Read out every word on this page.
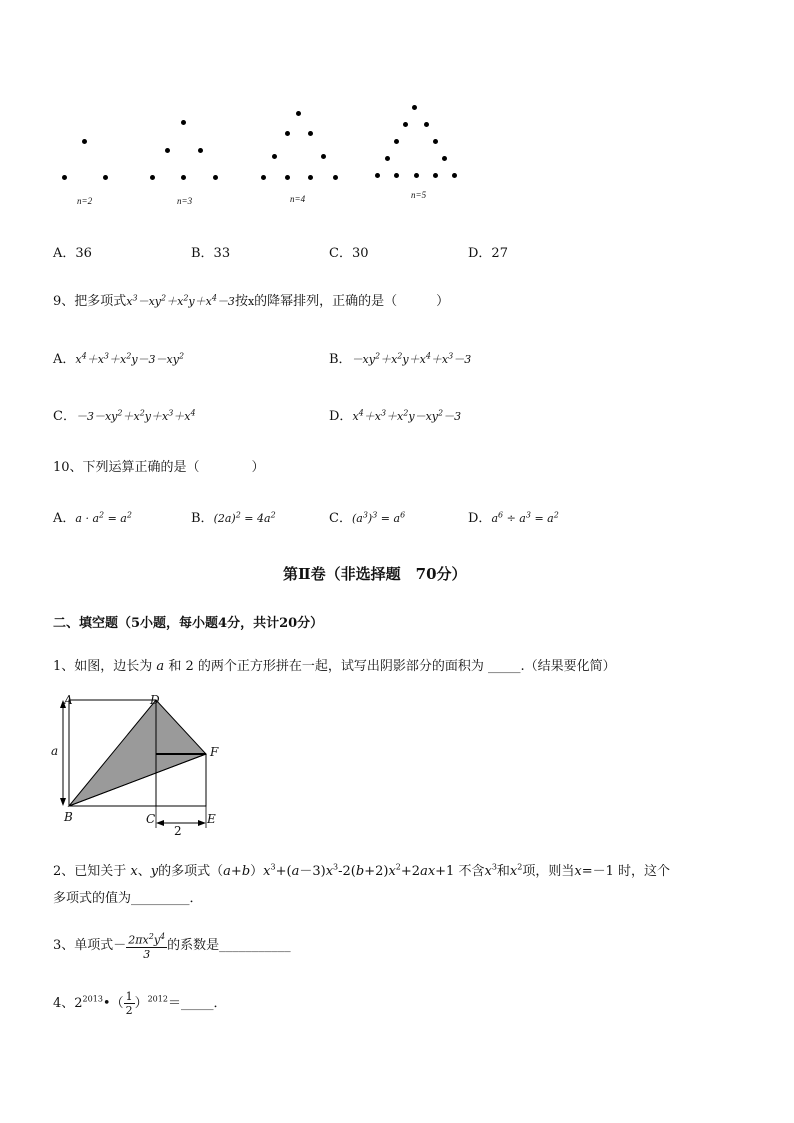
n=2	n=3	n=4	n=5
A．36	B．33	C．30	D．27
9、把多项式$x^3-xy^2+x^2y+x^4-3$按x的降幂排列，正确的是（　　　）
A．$x^4+x^3+x^2y-3-xy^2$	B．$-xy^2+x^2y+x^4+x^3-3$
C．$-3-xy^2+x^2y+x^3+x^4$	D．$x^4+x^3+x^2y-xy^2-3$
10、下列运算正确的是（　　　　）
A．$a \cdot a^2 = a^2$	B．$(2a)^2 = 4a^2$	C．$(a^3)^3 = a^6$	D．$a^6 \div a^3 = a^2$
第Ⅱ卷（非选择题　70分）
二、填空题（5小题，每小题4分，共计20分）
1、如图，边长为 a 和 2 的两个正方形拼在一起，试写出阴影部分的面积为 _____.（结果要化简）
A	D
F
a
B	C	E
2
2、已知关于 x、y的多项式$(a+b)x^3+(a-3)x^3-2(b+2)x^2+2ax+1$ 不含$x^3$和$x^2$项，则当x=－1 时，这个
多项式的值为_________．
3、单项式－ $\frac{2\pi x^2y^4}{3}$ 的系数是___________
4、$2^{2013}•( \frac{1}{2}$ ）$^{2012}$＝_____．
